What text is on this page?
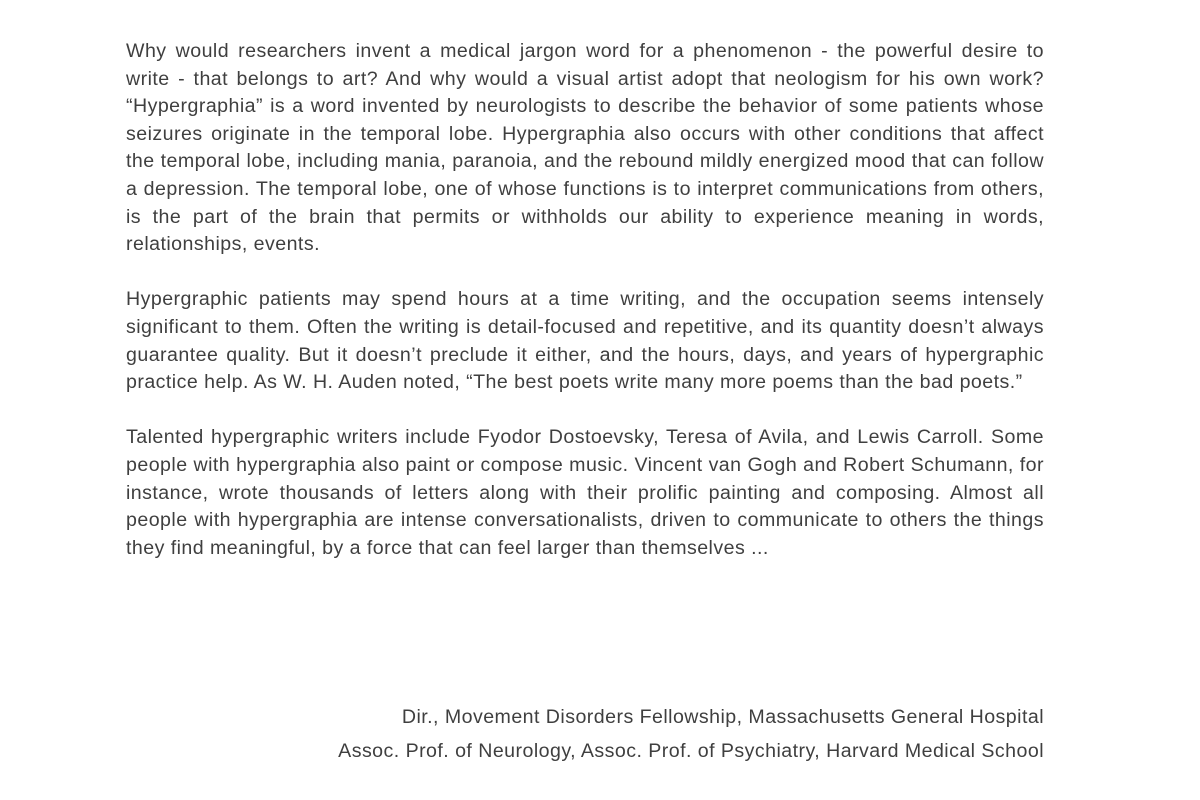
Why would researchers invent a medical jargon word for a phenomenon - the powerful desire to write - that belongs to art? And why would a visual artist adopt that neologism for his own work? “Hypergraphia” is a word invented by neurologists to describe the behavior of some patients whose seizures originate in the temporal lobe. Hypergraphia also occurs with other conditions that affect the temporal lobe, including mania, paranoia, and the rebound mildly energized mood that can follow a depression. The temporal lobe, one of whose functions is to interpret communications from others, is the part of the brain that permits or withholds our ability to experience meaning in words, relationships, events.

Hypergraphic patients may spend hours at a time writing, and the occupation seems intensely significant to them. Often the writing is detail-focused and repetitive, and its quantity doesn’t always guarantee quality. But it doesn’t preclude it either, and the hours, days, and years of hypergraphic practice help. As W. H. Auden noted, “The best poets write many more poems than the bad poets.”

Talented hypergraphic writers include Fyodor Dostoevsky, Teresa of Avila, and Lewis Carroll. Some people with hypergraphia also paint or compose music. Vincent van Gogh and Robert Schumann, for instance, wrote thousands of letters along with their prolific painting and composing. Almost all people with hypergraphia are intense conversationalists, driven to communicate to others the things they find meaningful, by a force that can feel larger than themselves ...

Dir., Movement Disorders Fellowship, Massachusetts General Hospital
Assoc. Prof. of Neurology, Assoc. Prof. of Psychiatry, Harvard Medical School
